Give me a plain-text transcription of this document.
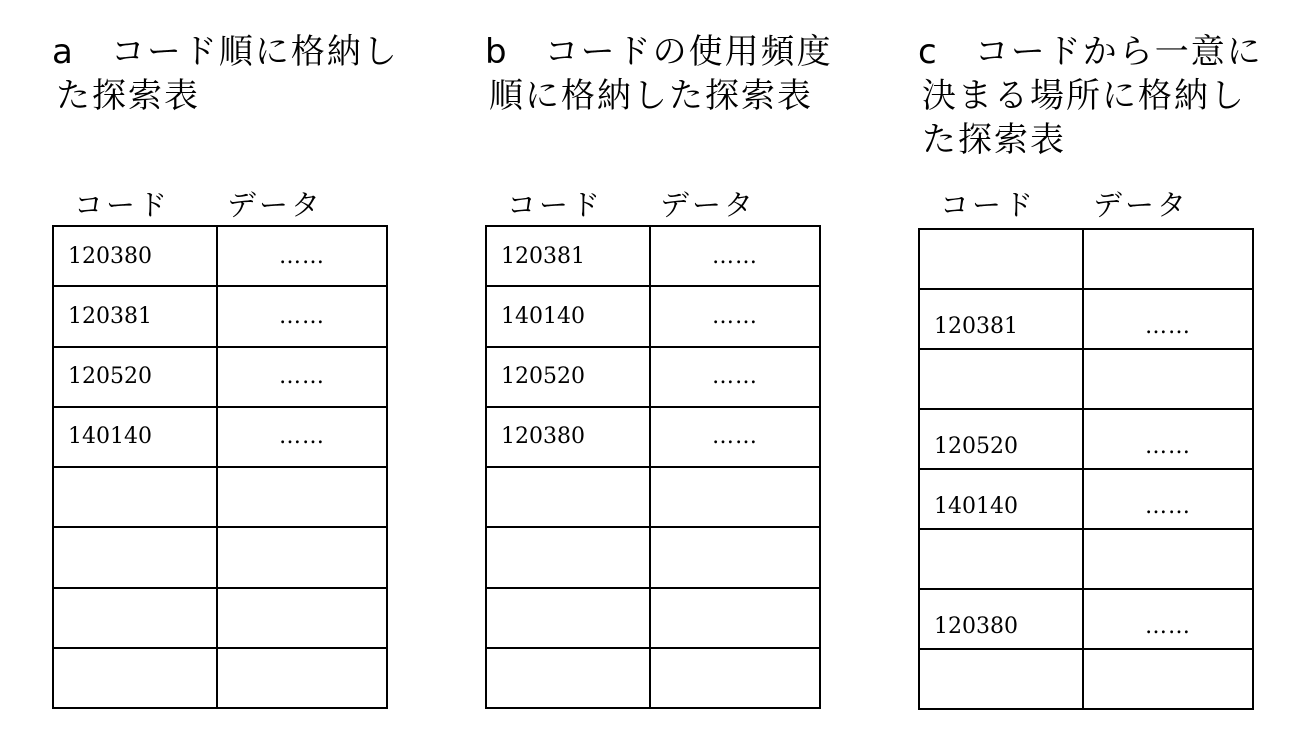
a　コード順に格納し
た探索表
コード データ
120380	……
120381	……
120520	……
140140	……

b　コードの使用頻度
順に格納した探索表
コード データ
120381	……
140140	……
120520	……
120380	……

c　コードから一意に
決まる場所に格納し
た探索表
コード データ

120381	……

120520	……
140140	……

120380	……
